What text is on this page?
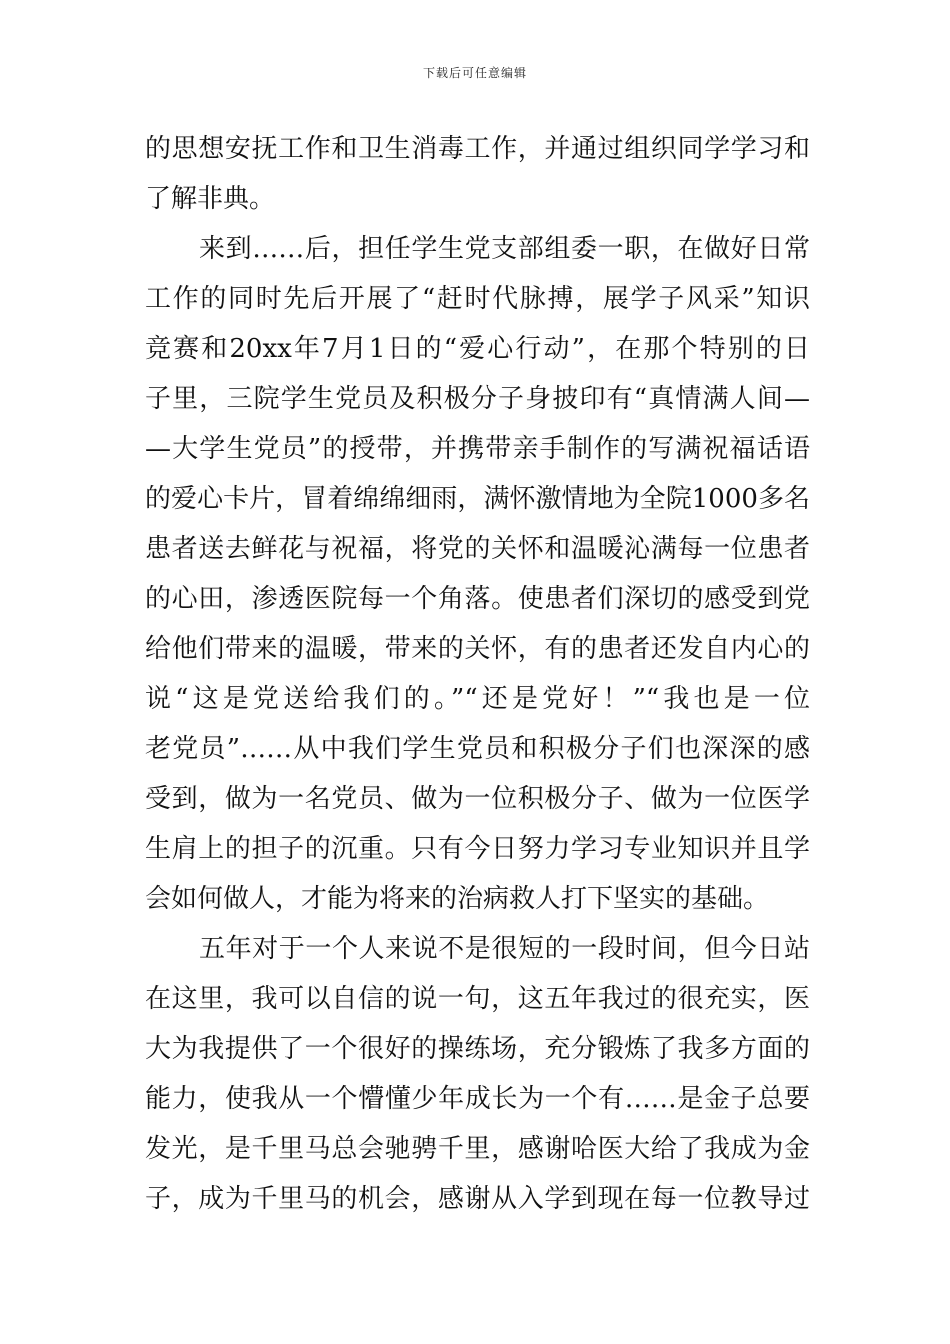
下载后可任意编辑
的思想安抚工作和卫生消毒工作，并通过组织同学学习和
了解非典。
来到……后，担任学生党支部组委一职，在做好日常
工作的同时先后开展了“赶时代脉搏，展学子风采”知识
竞赛和20xx年7月1日的“爱心行动”，在那个特别的日
子里，三院学生党员及积极分子身披印有“真情满人间—
—大学生党员”的授带，并携带亲手制作的写满祝福话语
的爱心卡片，冒着绵绵细雨，满怀激情地为全院1000多名
患者送去鲜花与祝福，将党的关怀和温暖沁满每一位患者
的心田，渗透医院每一个角落。使患者们深切的感受到党
给他们带来的温暖，带来的关怀，有的患者还发自内心的
说“这是党送给我们的。”“还是党好！”“我也是一位
老党员”……从中我们学生党员和积极分子们也深深的感
受到，做为一名党员、做为一位积极分子、做为一位医学
生肩上的担子的沉重。只有今日努力学习专业知识并且学
会如何做人，才能为将来的治病救人打下坚实的基础。
五年对于一个人来说不是很短的一段时间，但今日站
在这里，我可以自信的说一句，这五年我过的很充实，医
大为我提供了一个很好的操练场，充分锻炼了我多方面的
能力，使我从一个懵懂少年成长为一个有……是金子总要
发光，是千里马总会驰骋千里，感谢哈医大给了我成为金
子，成为千里马的机会，感谢从入学到现在每一位教导过
